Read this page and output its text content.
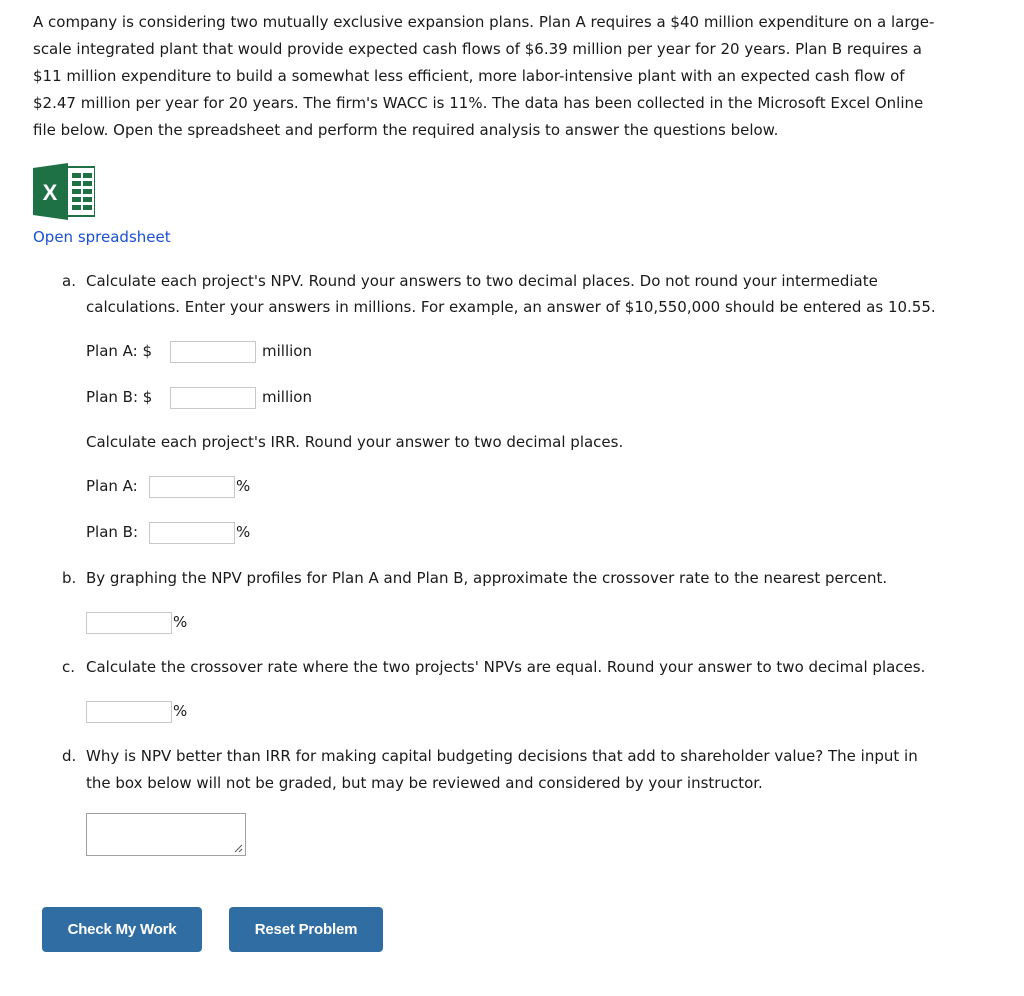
A company is considering two mutually exclusive expansion plans. Plan A requires a $40 million expenditure on a large-
scale integrated plant that would provide expected cash flows of $6.39 million per year for 20 years. Plan B requires a
$11 million expenditure to build a somewhat less efficient, more labor-intensive plant with an expected cash flow of
$2.47 million per year for 20 years. The firm's WACC is 11%. The data has been collected in the Microsoft Excel Online
file below. Open the spreadsheet and perform the required analysis to answer the questions below.
X
Open spreadsheet
a. Calculate each project's NPV. Round your answers to two decimal places. Do not round your intermediate
calculations. Enter your answers in millions. For example, an answer of $10,550,000 should be entered as 10.55.
Plan A: $	million
Plan B: $	million
Calculate each project's IRR. Round your answer to two decimal places.
Plan A:	%
Plan B:	%
b. By graphing the NPV profiles for Plan A and Plan B, approximate the crossover rate to the nearest percent.
%
c. Calculate the crossover rate where the two projects' NPVs are equal. Round your answer to two decimal places.
%
d. Why is NPV better than IRR for making capital budgeting decisions that add to shareholder value? The input in
the box below will not be graded, but may be reviewed and considered by your instructor.
Check My Work	Reset Problem
